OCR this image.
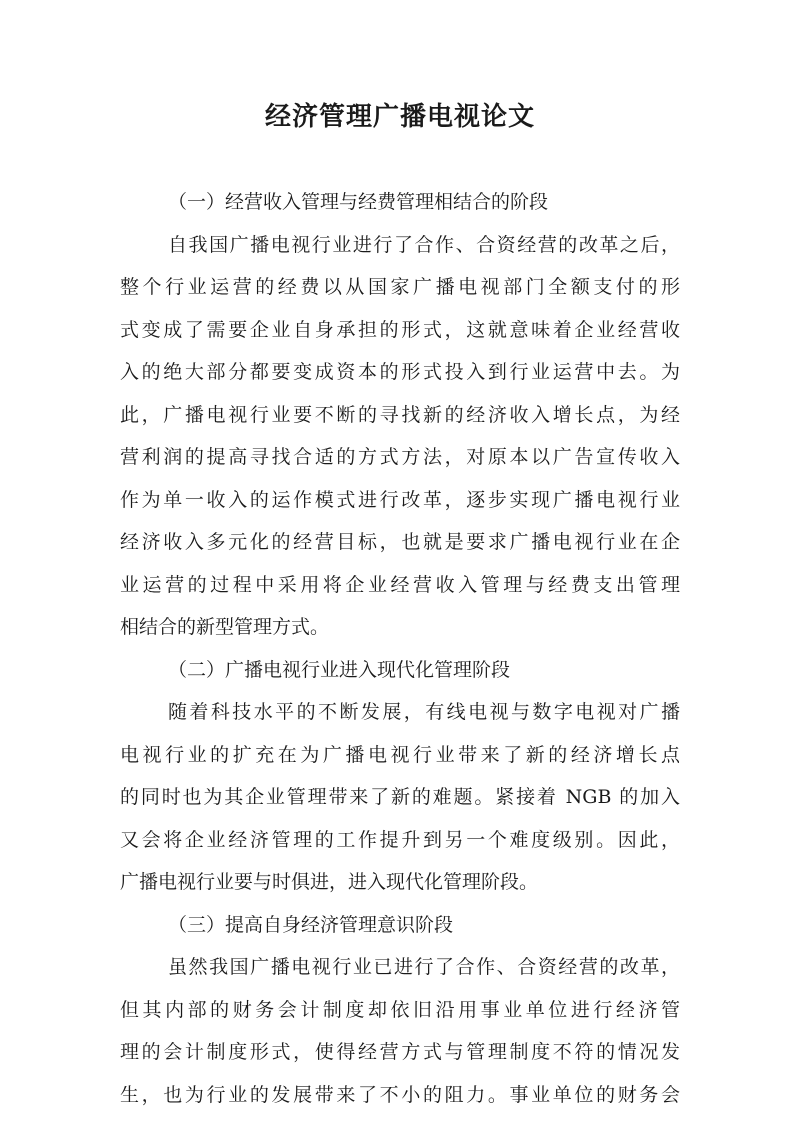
经济管理广播电视论文
（一）经营收入管理与经费管理相结合的阶段
自我国广播电视行业进行了合作、合资经营的改革之后，
整个行业运营的经费以从国家广播电视部门全额支付的形
式变成了需要企业自身承担的形式，这就意味着企业经营收
入的绝大部分都要变成资本的形式投入到行业运营中去。为
此，广播电视行业要不断的寻找新的经济收入增长点，为经
营利润的提高寻找合适的方式方法，对原本以广告宣传收入
作为单一收入的运作模式进行改革，逐步实现广播电视行业
经济收入多元化的经营目标，也就是要求广播电视行业在企
业运营的过程中采用将企业经营收入管理与经费支出管理
相结合的新型管理方式。
（二）广播电视行业进入现代化管理阶段
随着科技水平的不断发展，有线电视与数字电视对广播
电视行业的扩充在为广播电视行业带来了新的经济增长点
的同时也为其企业管理带来了新的难题。紧接着 NGB 的加入
又会将企业经济管理的工作提升到另一个难度级别。因此，
广播电视行业要与时俱进，进入现代化管理阶段。
（三）提高自身经济管理意识阶段
虽然我国广播电视行业已进行了合作、合资经营的改革，
但其内部的财务会计制度却依旧沿用事业单位进行经济管
理的会计制度形式，使得经营方式与管理制度不符的情况发
生，也为行业的发展带来了不小的阻力。事业单位的财务会
